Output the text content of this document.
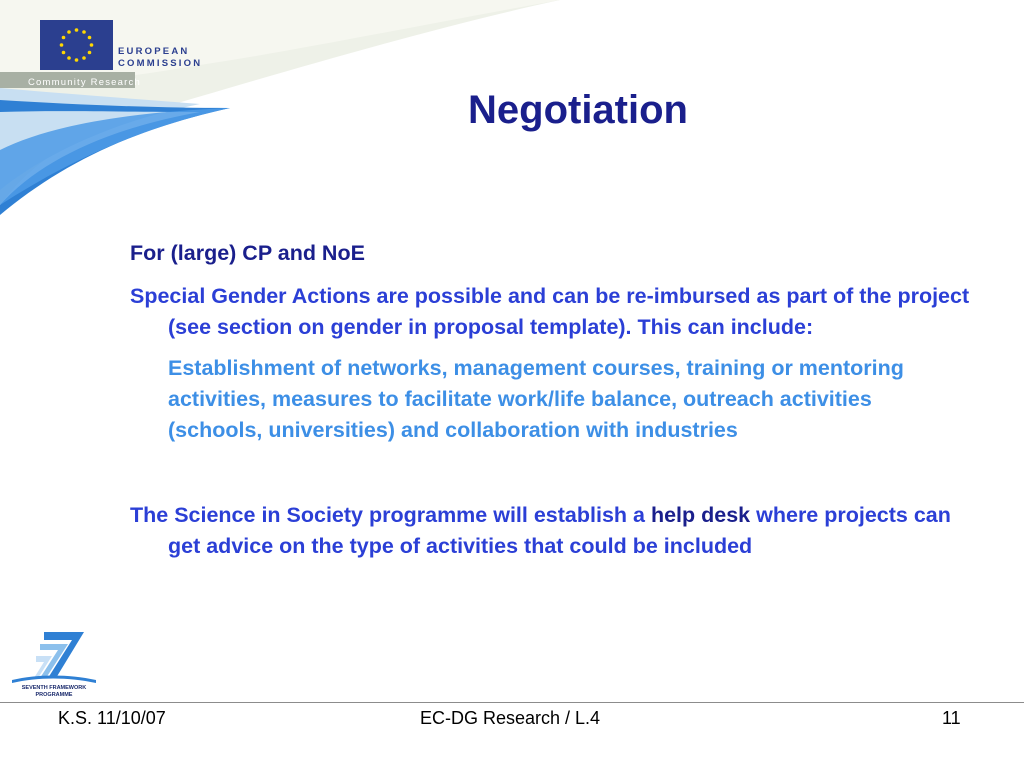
EUROPEAN
COMMISSION
Community Research
Negotiation

For (large) CP and NoE

Special Gender Actions are possible and can be re-imbursed as part of the project (see section on gender in proposal template). This can include:

Establishment of networks, management courses, training or mentoring activities, measures to facilitate work/life balance, outreach activities (schools, universities) and collaboration with industries

The Science in Society programme will establish a help desk where projects can get advice on the type of activities that could be included

SEVENTH FRAMEWORK
PROGRAMME
K.S. 11/10/07	EC-DG Research / L.4	11
